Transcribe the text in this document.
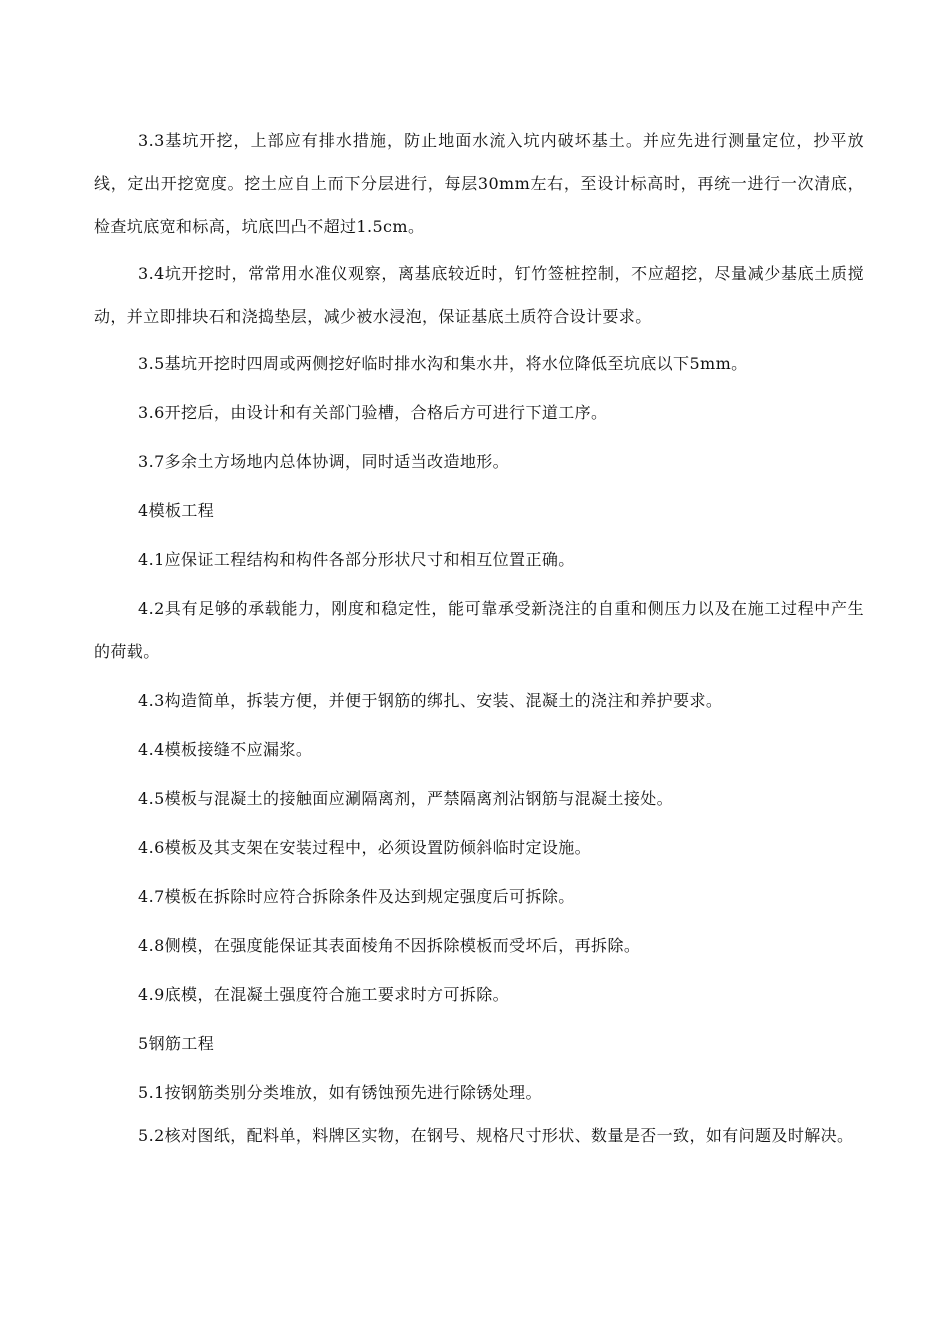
3.3基坑开挖，上部应有排水措施，防止地面水流入坑内破坏基土。并应先进行测量定位，抄平放线，定出开挖宽度。挖土应自上而下分层进行，每层30mm左右，至设计标高时，再统一进行一次清底，检查坑底宽和标高，坑底凹凸不超过1.5cm。

3.4坑开挖时，常常用水准仪观察，离基底较近时，钉竹签桩控制，不应超挖，尽量减少基底土质搅动，并立即排块石和浇捣垫层，减少被水浸泡，保证基底土质符合设计要求。

3.5基坑开挖时四周或两侧挖好临时排水沟和集水井，将水位降低至坑底以下5mm。

3.6开挖后，由设计和有关部门验槽，合格后方可进行下道工序。

3.7多余土方场地内总体协调，同时适当改造地形。

4模板工程

4.1应保证工程结构和构件各部分形状尺寸和相互位置正确。

4.2具有足够的承载能力，刚度和稳定性，能可靠承受新浇注的自重和侧压力以及在施工过程中产生的荷载。

4.3构造简单，拆装方便，并便于钢筋的绑扎、安装、混凝土的浇注和养护要求。

4.4模板接缝不应漏浆。

4.5模板与混凝土的接触面应涮隔离剂，严禁隔离剂沾钢筋与混凝土接处。

4.6模板及其支架在安装过程中，必须设置防倾斜临时定设施。

4.7模板在拆除时应符合拆除条件及达到规定强度后可拆除。

4.8侧模，在强度能保证其表面棱角不因拆除模板而受坏后，再拆除。

4.9底模，在混凝土强度符合施工要求时方可拆除。

5钢筋工程

5.1按钢筋类别分类堆放，如有锈蚀预先进行除锈处理。

5.2核对图纸，配料单，料牌区实物，在钢号、规格尺寸形状、数量是否一致，如有问题及时解决。
